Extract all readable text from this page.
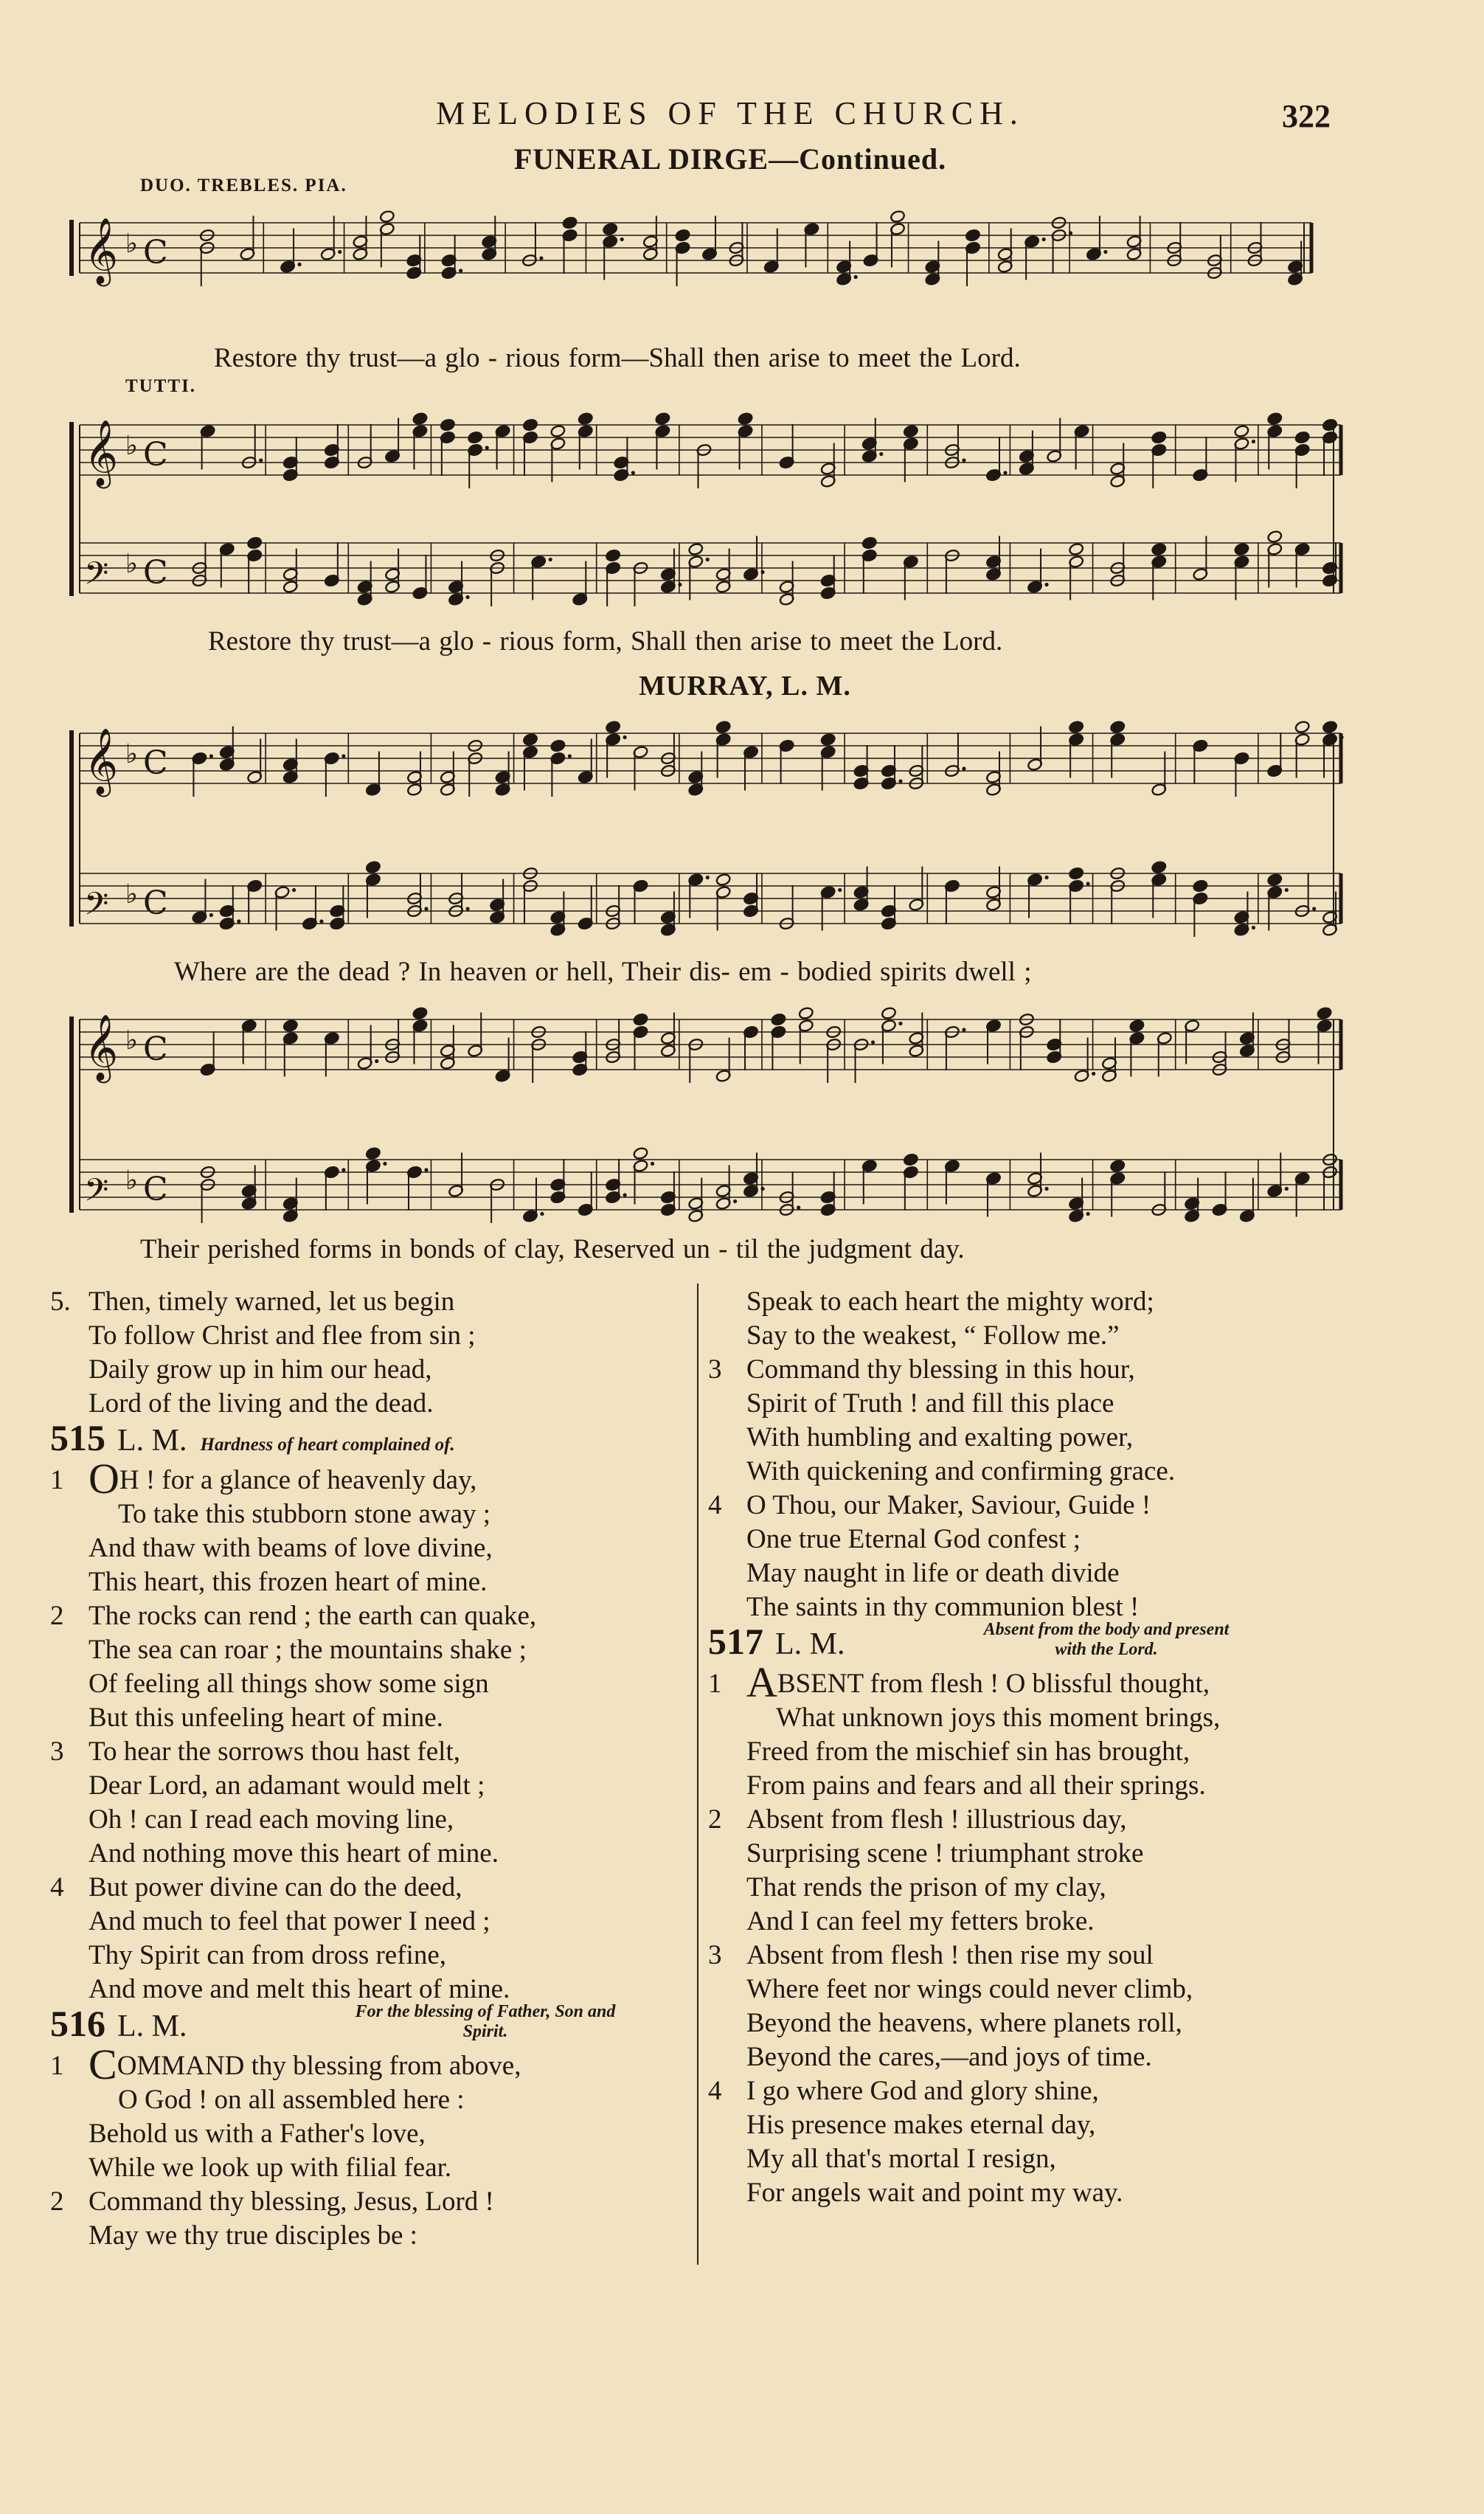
MELODIES OF THE CHURCH.	322
FUNERAL DIRGE—Continued.
DUO. TREBLES. PIA.
𝄞 ♭ C
Restore thy trust—a glo - rious form—Shall then arise to meet the Lord.
TUTTI.
𝄞 ♭ C
𝄢 ♭ C
Restore thy trust—a glo - rious form, Shall then arise to meet the Lord.
MURRAY, L. M.
𝄞 ♭ C
𝄢 ♭ C
Where are the dead ? In heaven or hell, Their dis- em - bodied spirits dwell ;
𝄞 ♭ C
𝄢 ♭ C
Their perished forms in bonds of clay, Reserved un - til the judgment day.
5. Then, timely warned, let us begin
To follow Christ and flee from sin ;
Daily grow up in him our head,
Lord of the living and the dead.
515 L. M. Hardness of heart complained of.
1 OH ! for a glance of heavenly day,
To take this stubborn stone away ;
And thaw with beams of love divine,
This heart, this frozen heart of mine.
2 The rocks can rend ; the earth can quake,
The sea can roar ; the mountains shake ;
Of feeling all things show some sign
But this unfeeling heart of mine.
3 To hear the sorrows thou hast felt,
Dear Lord, an adamant would melt ;
Oh ! can I read each moving line,
And nothing move this heart of mine.
4 But power divine can do the deed,
And much to feel that power I need ;
Thy Spirit can from dross refine,
And move and melt this heart of mine.
516 L. M.	For the blessing of Father, Son and
Spirit.
1 COMMAND thy blessing from above,
O God ! on all assembled here :
Behold us with a Father's love,
While we look up with filial fear.
2 Command thy blessing, Jesus, Lord !
May we thy true disciples be :
Speak to each heart the mighty word;
Say to the weakest, “ Follow me.”
3 Command thy blessing in this hour,
Spirit of Truth ! and fill this place
With humbling and exalting power,
With quickening and confirming grace.
4 O Thou, our Maker, Saviour, Guide !
One true Eternal God confest ;
May naught in life or death divide
The saints in thy communion blest !
517 L. M.	Absent from the body and present
with the Lord.
1 ABSENT from flesh ! O blissful thought,
What unknown joys this moment brings,
Freed from the mischief sin has brought,
From pains and fears and all their springs.
2 Absent from flesh ! illustrious day,
Surprising scene ! triumphant stroke
That rends the prison of my clay,
And I can feel my fetters broke.
3 Absent from flesh ! then rise my soul
Where feet nor wings could never climb,
Beyond the heavens, where planets roll,
Beyond the cares,—and joys of time.
4 I go where God and glory shine,
His presence makes eternal day,
My all that's mortal I resign,
For angels wait and point my way.
